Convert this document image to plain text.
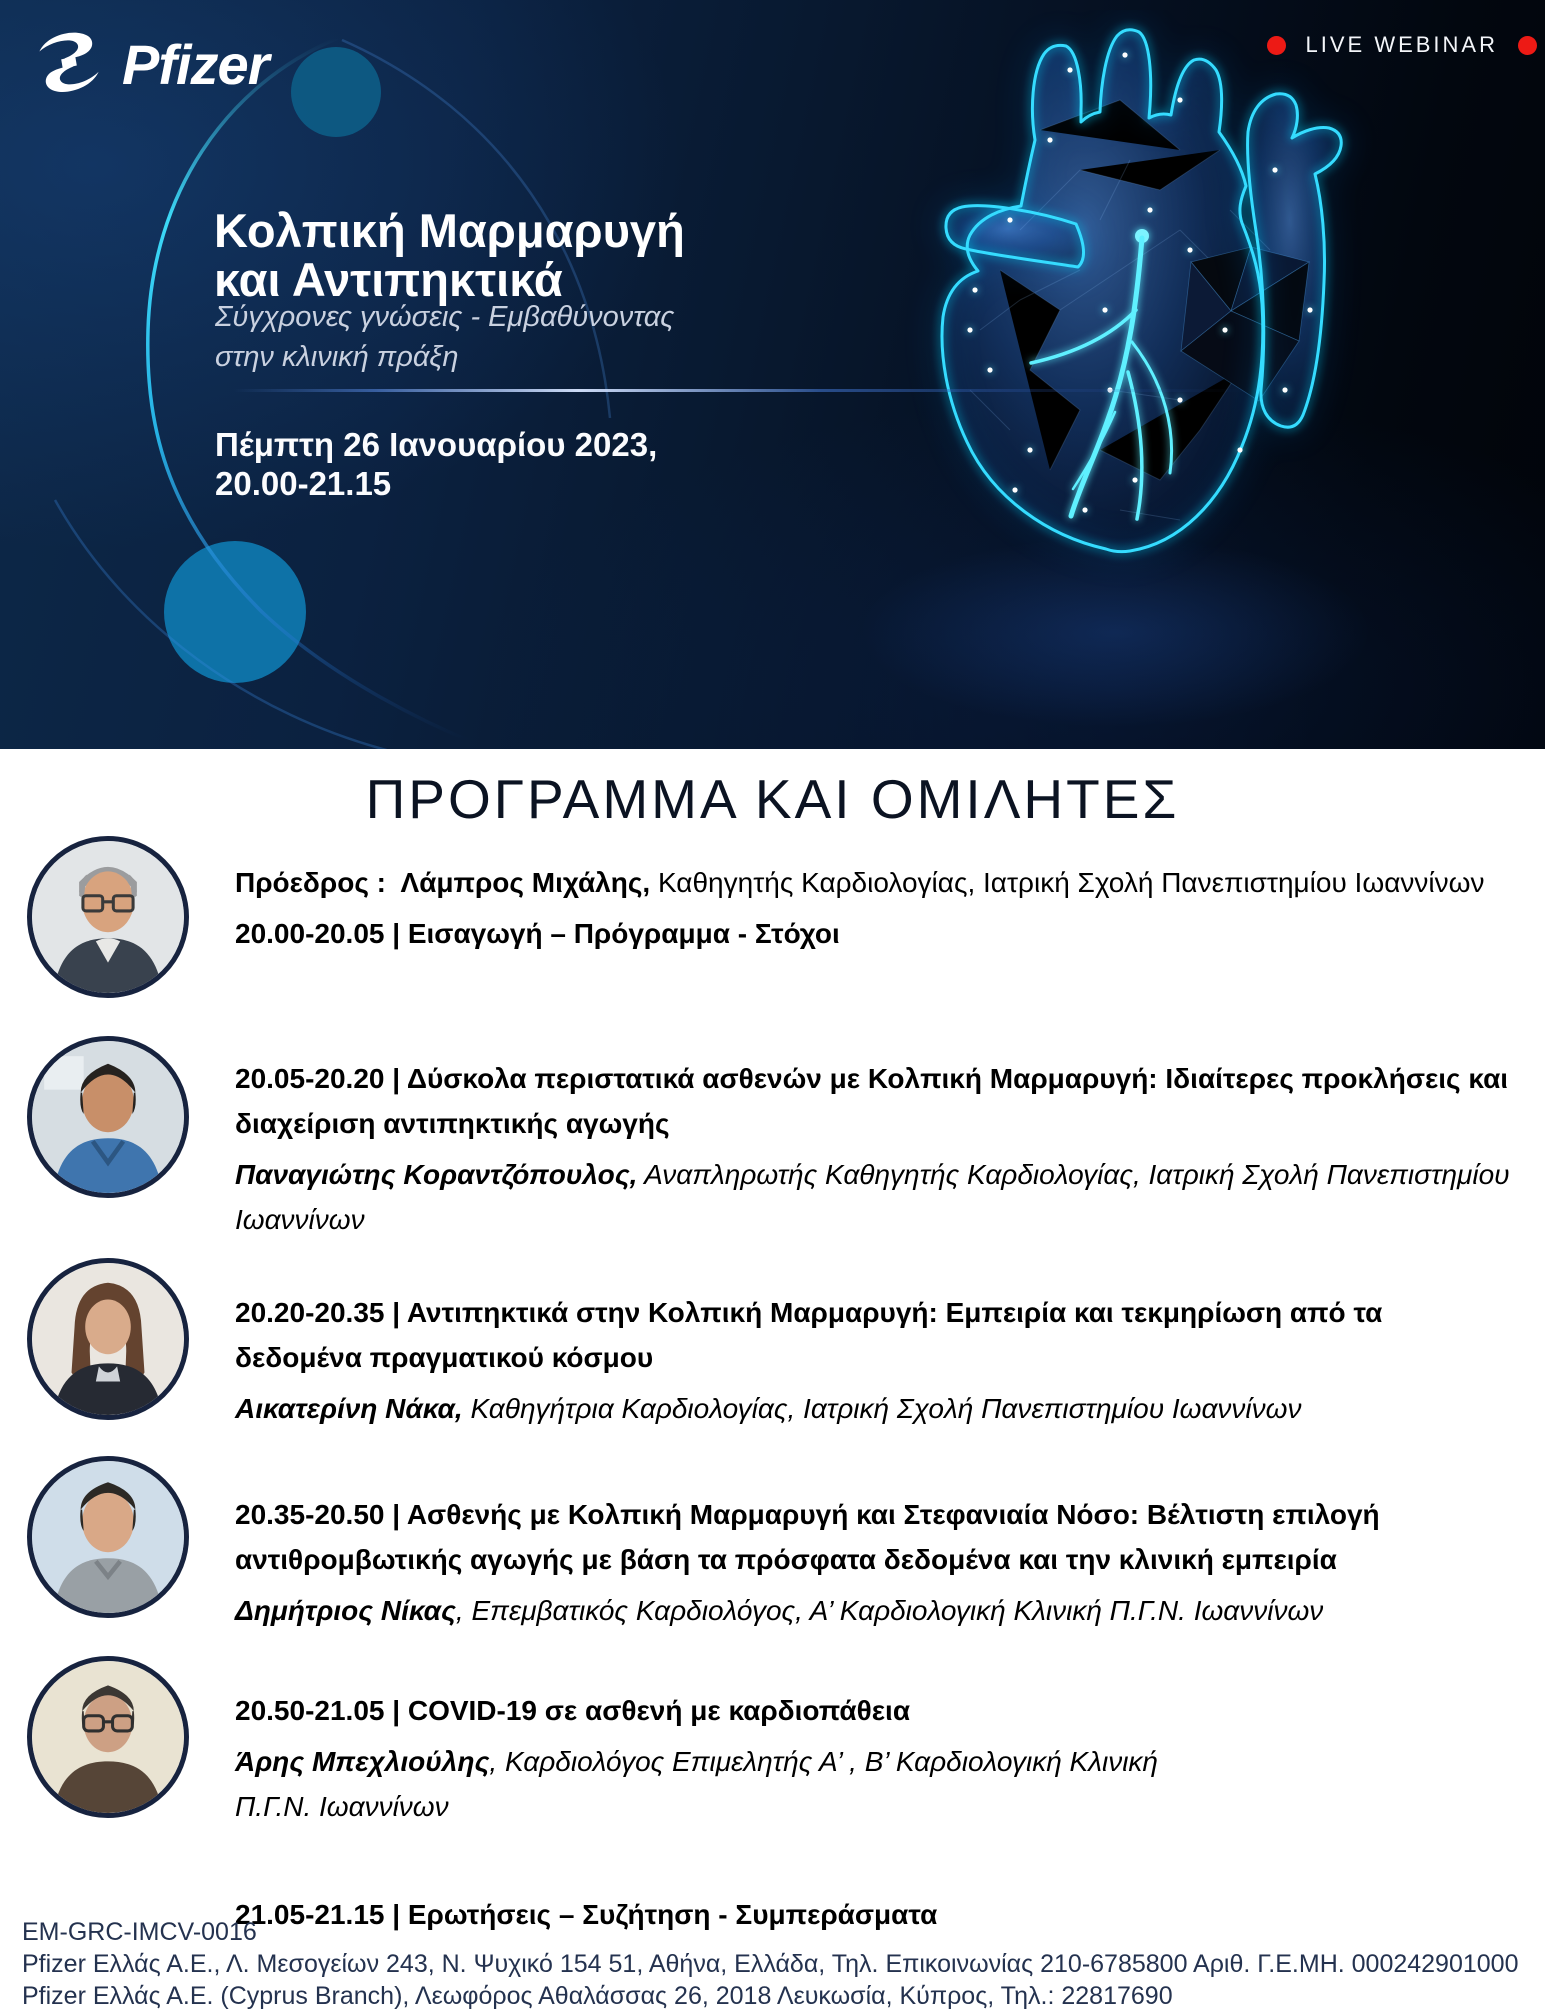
Pfizer	LIVE WEBINAR
Κολπική Μαρμαρυγή
και Αντιπηκτικά

Σύγχρονες γνώσεις - Εμβαθύνοντας
στην κλινική πράξη

Πέμπτη 26 Ιανουαρίου 2023,
20.00-21.15

ΠΡΟΓΡΑΜΜΑ ΚΑΙ ΟΜΙΛΗΤΕΣ

Πρόεδρος :  Λάμπρος Μιχάλης, Καθηγητής Καρδιολογίας, Ιατρική Σχολή Πανεπιστημίου Ιωαννίνων

20.00-20.05 | Εισαγωγή – Πρόγραμμα - Στόχοι

20.05-20.20 | Δύσκολα περιστατικά ασθενών με Κολπική Μαρμαρυγή: Ιδιαίτερες προκλήσεις και διαχείριση αντιπηκτικής αγωγής

Παναγιώτης Κοραντζόπουλος, Αναπληρωτής Καθηγητής Καρδιολογίας, Ιατρική Σχολή Πανεπιστημίου Ιωαννίνων

20.20-20.35 | Αντιπηκτικά στην Κολπική Μαρμαρυγή: Εμπειρία και τεκμηρίωση από τα δεδομένα πραγματικού κόσμου

Αικατερίνη Νάκα, Καθηγήτρια Καρδιολογίας, Ιατρική Σχολή Πανεπιστημίου Ιωαννίνων

20.35-20.50 | Ασθενής με Κολπική Μαρμαρυγή και Στεφανιαία Νόσο: Βέλτιστη επιλογή αντιθρομβωτικής αγωγής με βάση τα πρόσφατα δεδομένα και την κλινική εμπειρία

Δημήτριος Νίκας, Επεμβατικός Καρδιολόγος, Α’ Καρδιολογική Κλινική Π.Γ.Ν. Ιωαννίνων

20.50-21.05 | COVID-19 σε ασθενή με καρδιοπάθεια

Άρης Μπεχλιούλης, Καρδιολόγος Επιμελητής Α’ , Β’ Καρδιολογική Κλινική
Π.Γ.Ν. Ιωαννίνων

21.05-21.15 | Ερωτήσεις – Συζήτηση - Συμπεράσματα

EM-GRC-IMCV-0016

Pfizer Ελλάς Α.Ε., Λ. Μεσογείων 243, Ν. Ψυχικό 154 51, Αθήνα, Ελλάδα, Τηλ. Επικοινωνίας 210-6785800 Αριθ. Γ.Ε.ΜΗ. 000242901000

Pfizer Ελλάς Α.Ε. (Cyprus Branch), Λεωφόρος Αθαλάσσας 26, 2018 Λευκωσία, Κύπρος, Τηλ.: 22817690
